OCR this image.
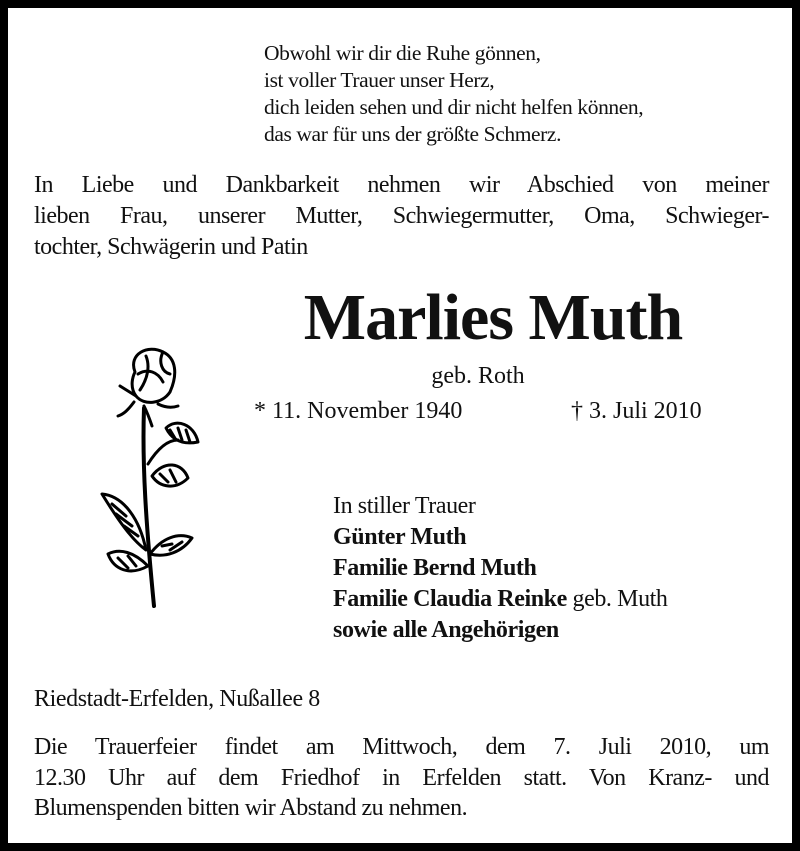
Obwohl wir dir die Ruhe gönnen,
ist voller Trauer unser Herz,
dich leiden sehen und dir nicht helfen können,
das war für uns der größte Schmerz.
In Liebe und Dankbarkeit nehmen wir Abschied von meiner
lieben Frau, unserer Mutter, Schwiegermutter, Oma, Schwieger-
tochter, Schwägerin und Patin
Marlies Muth
geb. Roth
* 11. November 1940	† 3. Juli 2010
In stiller Trauer
Günter Muth
Familie Bernd Muth
Familie Claudia Reinke geb. Muth
sowie alle Angehörigen
Riedstadt-Erfelden, Nußallee 8
Die Trauerfeier findet am Mittwoch, dem 7. Juli 2010, um
12.30 Uhr auf dem Friedhof in Erfelden statt. Von Kranz- und
Blumenspenden bitten wir Abstand zu nehmen.
